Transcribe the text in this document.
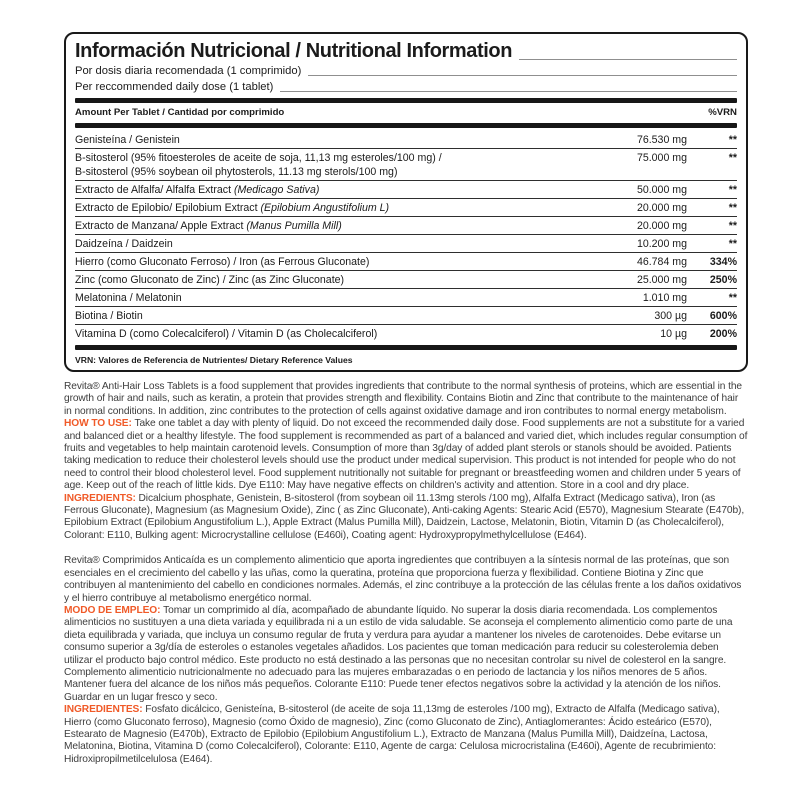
Información Nutricional / Nutritional Information
Por dosis diaria recomendada (1 comprimido)
Per reccommended daily dose (1 tablet)
Amount Per Tablet / Cantidad por comprimido	%VRN
Genisteína / Genistein	76.530 mg	**
B-sitosterol (95% fitoesteroles de aceite de soja, 11,13 mg esteroles/100 mg) /
B-sitosterol (95% soybean oil phytosterols, 11.13 mg sterols/100 mg)
75.000 mg	**
Extracto de Alfalfa/ Alfalfa Extract (Medicago Sativa)	50.000 mg	**
Extracto de Epilobio/ Epilobium Extract (Epilobium Angustifolium L)	20.000 mg	**
Extracto de Manzana/ Apple Extract (Manus Pumilla Mill)	20.000 mg	**
Daidzeína / Daidzein	10.200 mg	**
Hierro (como Gluconato Ferroso) / Iron (as Ferrous Gluconate)	46.784 mg	334%
Zinc (como Gluconato de Zinc) / Zinc (as Zinc Gluconate)	25.000 mg	250%
Melatonina / Melatonin	1.010 mg	**
Biotina / Biotin	300 µg	600%
Vitamina D (como Colecalciferol) / Vitamin D (as Cholecalciferol)	10 µg	200%
VRN: Valores de Referencia de Nutrientes/ Dietary Reference Values

Revita® Anti-Hair Loss Tablets is a food supplement that provides ingredients that contribute to the normal synthesis of proteins, which are essential in the growth of hair and nails, such as keratin, a protein that provides strength and flexibility. Contains Biotin and Zinc that contribute to the maintenance of hair in normal conditions. In addition, zinc contributes to the protection of cells against oxidative damage and iron contributes to normal energy metabolism.

HOW TO USE: Take one tablet a day with plenty of liquid. Do not exceed the recommended daily dose. Food supplements are not a substitute for a varied and balanced diet or a healthy lifestyle. The food supplement is recommended as part of a balanced and varied diet, which includes regular consumption of fruits and vegetables to help maintain carotenoid levels. Consumption of more than 3g/day of added plant sterols or stanols should be avoided. Patients taking medication to reduce their cholesterol levels should use the product under medical supervision. This product is not intended for people who do not need to control their blood cholesterol level. Food supplement nutritionally not suitable for pregnant or breastfeeding women and children under 5 years of age. Keep out of the reach of little kids. Dye E110: May have negative effects on children's activity and attention. Store in a cool and dry place.

INGREDIENTS: Dicalcium phosphate, Genistein, B-sitosterol (from soybean oil 11.13mg sterols /100 mg), Alfalfa Extract (Medicago sativa), Iron (as Ferrous Gluconate), Magnesium (as Magnesium Oxide), Zinc ( as Zinc Gluconate), Anti-caking Agents: Stearic Acid (E570), Magnesium Stearate (E470b), Epilobium Extract (Epilobium Angustifolium L.), Apple Extract (Malus Pumilla Mill), Daidzein, Lactose, Melatonin, Biotin, Vitamin D (as Cholecalciferol), Colorant: E110, Bulking agent: Microcrystalline cellulose (E460i), Coating agent: Hydroxypropylmethylcellulose (E464).

Revita® Comprimidos Anticaída es un complemento alimenticio que aporta ingredientes que contribuyen a la síntesis normal de las proteínas, que son esenciales en el crecimiento del cabello y las uñas, como la queratina, proteína que proporciona fuerza y flexibilidad. Contiene Biotina y Zinc que contribuyen al mantenimiento del cabello en condiciones normales. Además, el zinc contribuye a la protección de las células frente a los daños oxidativos y el hierro contribuye al metabolismo energético normal.

MODO DE EMPLEO: Tomar un comprimido al día, acompañado de abundante líquido. No superar la dosis diaria recomendada. Los complementos alimenticios no sustituyen a una dieta variada y equilibrada ni a un estilo de vida saludable. Se aconseja el complemento alimenticio como parte de una dieta equilibrada y variada, que incluya un consumo regular de fruta y verdura para ayudar a mantener los niveles de carotenoides. Debe evitarse un consumo superior a 3g/día de esteroles o estanoles vegetales añadidos. Los pacientes que toman medicación para reducir su colesterolemia deben utilizar el producto bajo control médico. Este producto no está destinado a las personas que no necesitan controlar su nivel de colesterol en la sangre. Complemento alimenticio nutricionalmente no adecuado para las mujeres embarazadas o en periodo de lactancia y los niños menores de 5 años. Mantener fuera del alcance de los niños más pequeños. Colorante E110: Puede tener efectos negativos sobre la actividad y la atención de los niños. Guardar en un lugar fresco y seco.

INGREDIENTES: Fosfato dicálcico, Genisteína, B-sitosterol (de aceite de soja 11,13mg de esteroles /100 mg), Extracto de Alfalfa (Medicago sativa), Hierro (como Gluconato ferroso), Magnesio (como Óxido de magnesio), Zinc (como Gluconato de Zinc), Antiaglomerantes: Ácido esteárico (E570), Estearato de Magnesio (E470b), Extracto de Epilobio (Epilobium Angustifolium L.), Extracto de Manzana (Malus Pumilla Mill), Daidzeína, Lactosa, Melatonina, Biotina, Vitamina D (como Colecalciferol), Colorante: E110, Agente de carga: Celulosa microcristalina (E460i), Agente de recubrimiento: Hidroxipropilmetilcelulosa (E464).
